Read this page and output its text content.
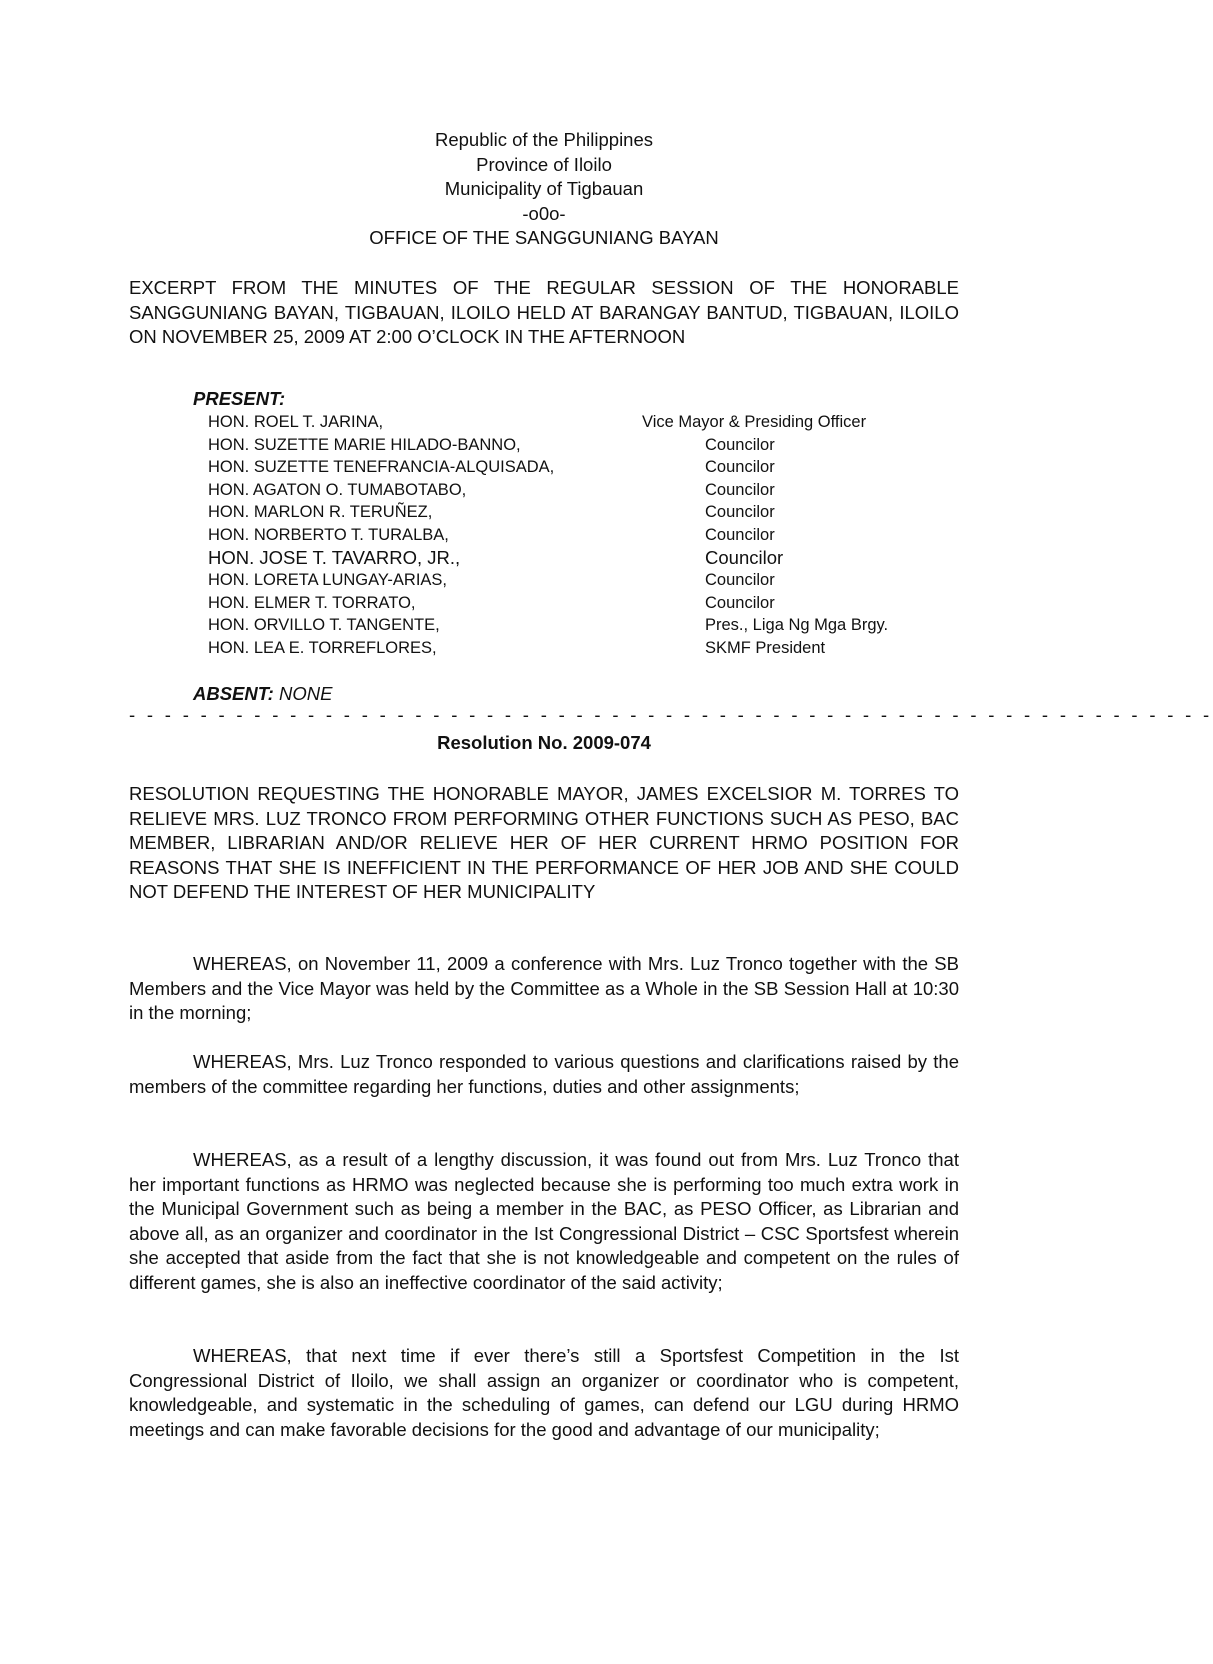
Republic of the Philippines
Province of Iloilo
Municipality of Tigbauan
-o0o-
OFFICE OF THE SANGGUNIANG BAYAN
EXCERPT FROM THE MINUTES OF THE REGULAR SESSION OF THE HONORABLE SANGGUNIANG BAYAN, TIGBAUAN, ILOILO HELD AT BARANGAY BANTUD, TIGBAUAN, ILOILO ON NOVEMBER 25, 2009 AT 2:00 O’CLOCK IN THE AFTERNOON
PRESENT:
HON. ROEL T. JARINA,	Vice Mayor & Presiding Officer
HON. SUZETTE MARIE HILADO-BANNO,	Councilor
HON. SUZETTE TENEFRANCIA-ALQUISADA,	Councilor
HON. AGATON O. TUMABOTABO,	Councilor
HON. MARLON R. TERUÑEZ,	Councilor
HON. NORBERTO T. TURALBA,	Councilor
HON. JOSE T. TAVARRO, JR.,	Councilor
HON. LORETA LUNGAY-ARIAS,	Councilor
HON. ELMER T. TORRATO,	Councilor
HON. ORVILLO T. TANGENTE,	Pres., Liga Ng Mga Brgy.
HON. LEA E. TORREFLORES,	SKMF President
ABSENT: NONE
- - - - - - - - - - - - - - - - - - - - - - - - - - - - - - - - - - - - - - - - - - - - - - - - - - - - - - - - - - - - -
Resolution No. 2009-074
RESOLUTION REQUESTING THE HONORABLE MAYOR, JAMES EXCELSIOR M. TORRES TO RELIEVE MRS. LUZ TRONCO FROM PERFORMING OTHER FUNCTIONS SUCH AS PESO, BAC MEMBER, LIBRARIAN AND/OR RELIEVE HER OF HER CURRENT HRMO POSITION FOR REASONS THAT SHE IS INEFFICIENT IN THE PERFORMANCE OF HER JOB AND SHE COULD NOT DEFEND THE INTEREST OF HER MUNICIPALITY
WHEREAS, on November 11, 2009 a conference with Mrs. Luz Tronco together with the SB Members and the Vice Mayor was held by the Committee as a Whole in the SB Session Hall at 10:30 in the morning;
WHEREAS, Mrs. Luz Tronco responded to various questions and clarifications raised by the members of the committee regarding her functions, duties and other assignments;
WHEREAS, as a result of a lengthy discussion, it was found out from Mrs. Luz Tronco that her important functions as HRMO was neglected because she is performing too much extra work in the Municipal Government such as being a member in the BAC, as PESO Officer, as Librarian and above all, as an organizer and coordinator in the Ist Congressional District – CSC Sportsfest wherein she accepted that aside from the fact that she is not knowledgeable and competent on the rules of different games, she is also an ineffective coordinator of the said activity;
WHEREAS, that next time if ever there’s still a Sportsfest Competition in the Ist Congressional District of Iloilo, we shall assign an organizer or coordinator who is competent, knowledgeable, and systematic in the scheduling of games, can defend our LGU during HRMO meetings and can make favorable decisions for the good and advantage of our municipality;
